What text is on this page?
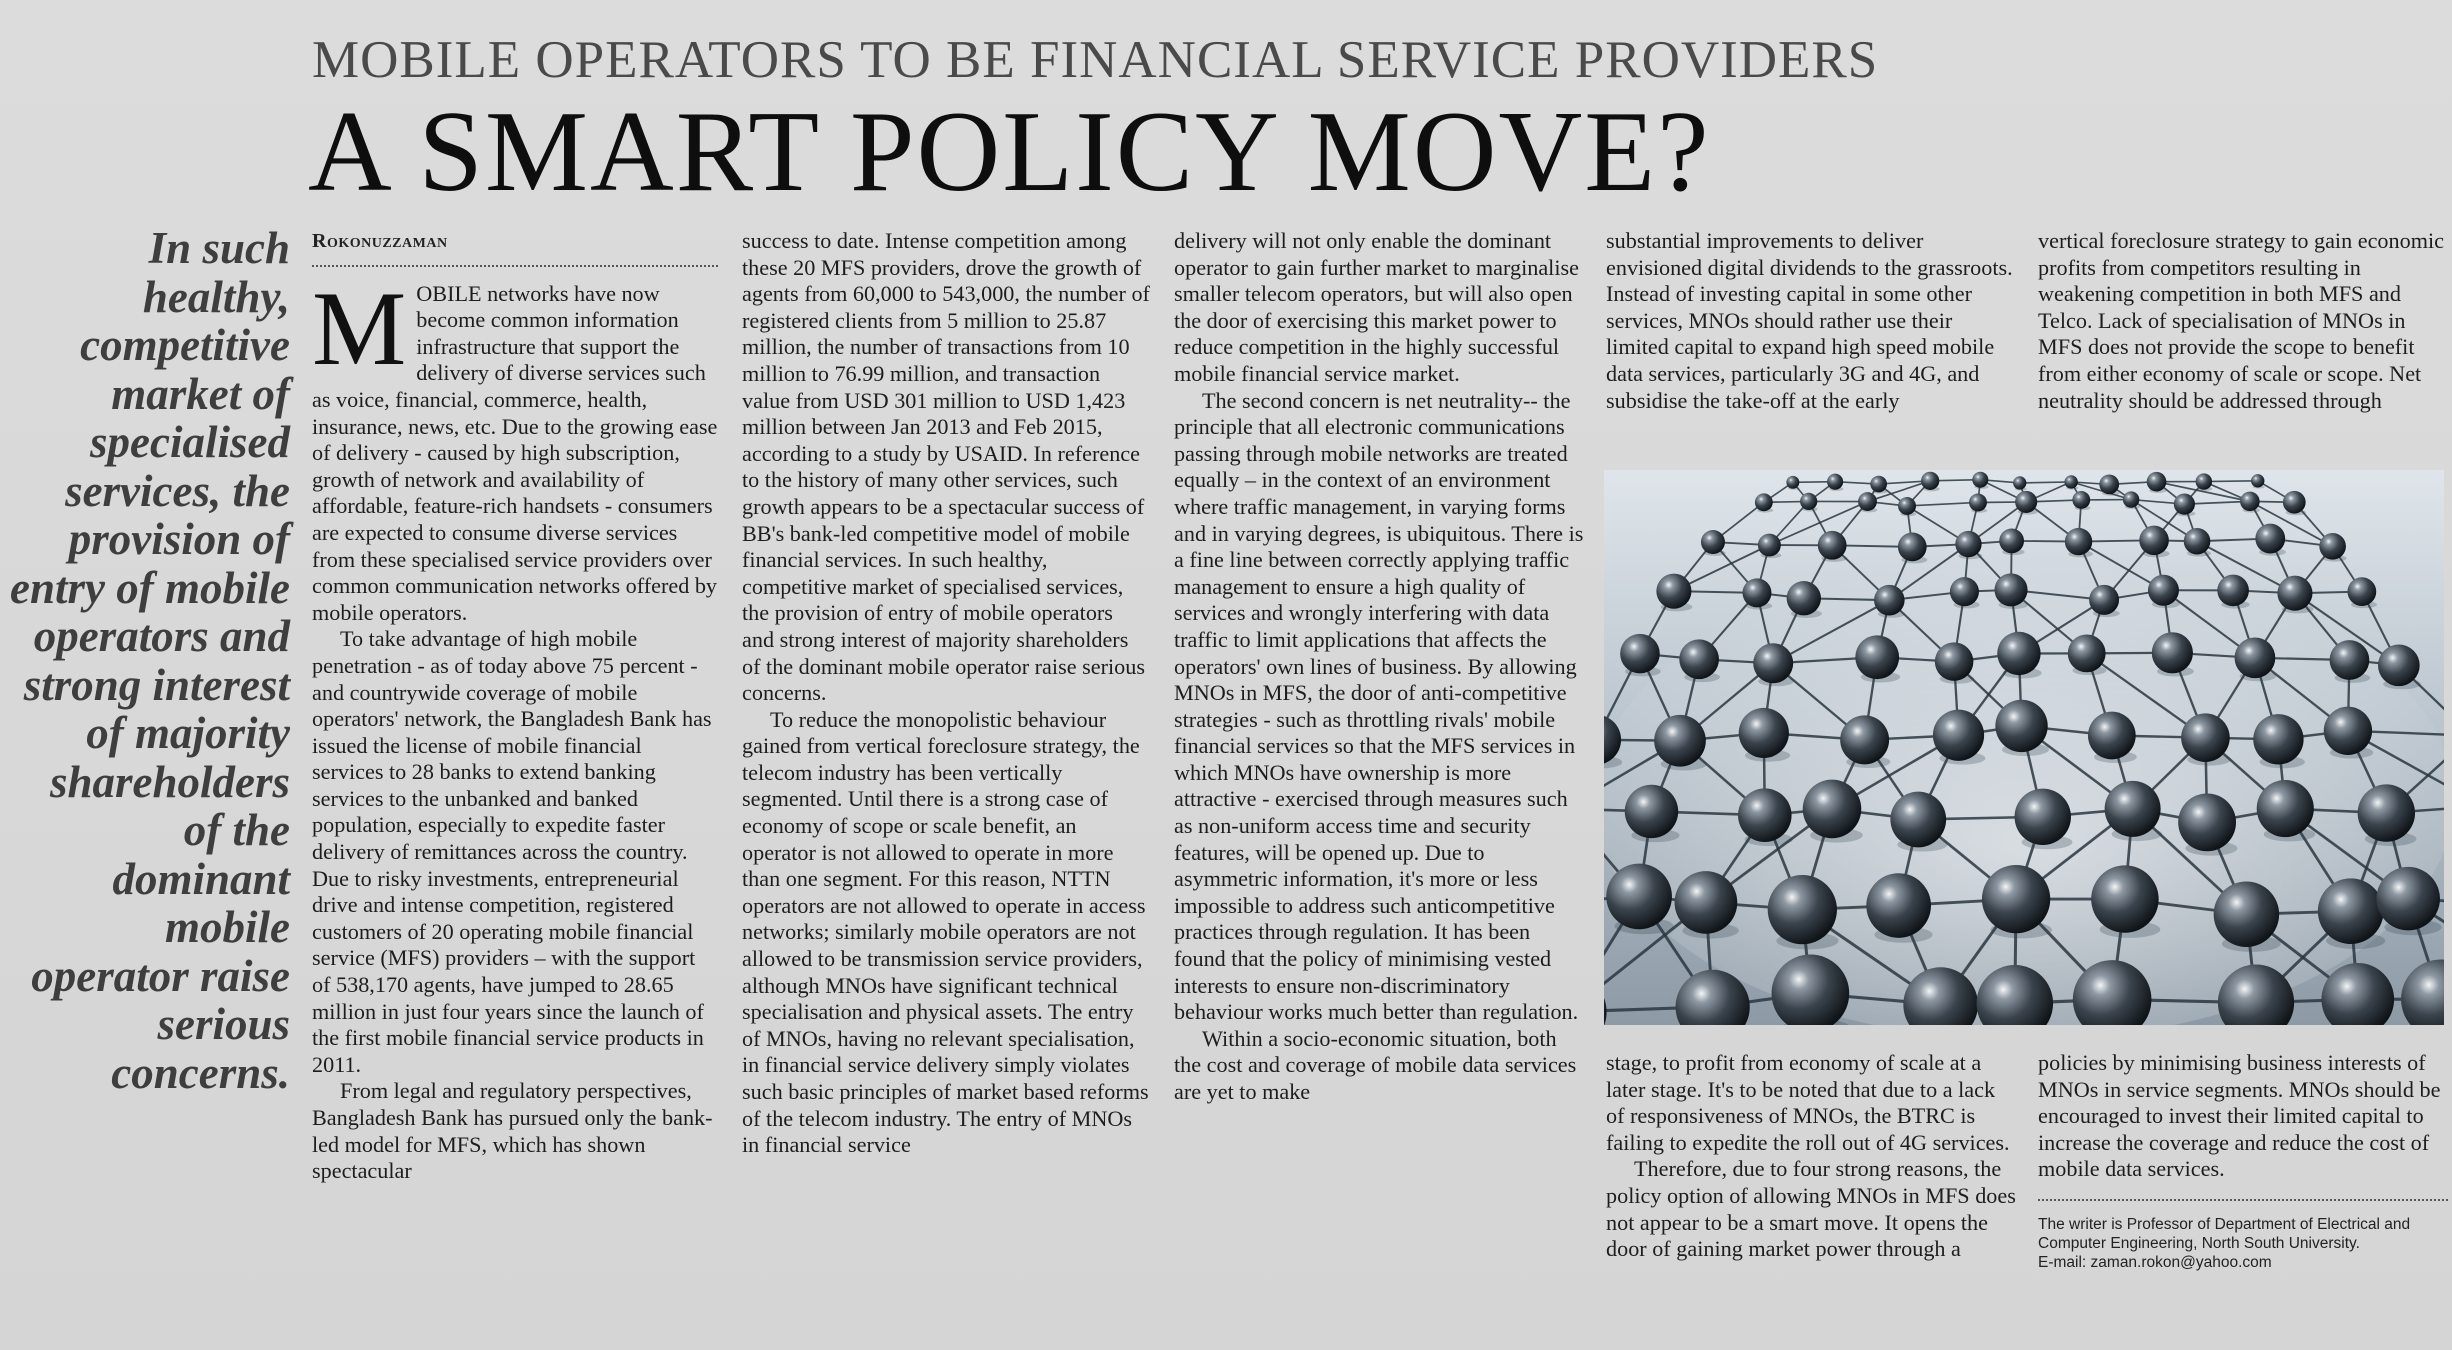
MOBILE OPERATORS TO BE FINANCIAL SERVICE PROVIDERS
A SMART POLICY MOVE?
In such healthy, competitive market of specialised services, the provision of entry of mobile operators and strong interest of majority shareholders of the dominant mobile operator raise serious concerns.
Rokonuzzaman

MOBILE networks have now become common information infrastructure that support the delivery of diverse services such as voice, financial, commerce, health, insurance, news, etc. Due to the growing ease of delivery - caused by high subscription, growth of network and availability of affordable, feature-rich handsets - consumers are expected to consume diverse services from these specialised service providers over common communication networks offered by mobile operators.

To take advantage of high mobile penetration - as of today above 75 percent - and countrywide coverage of mobile operators' network, the Bangladesh Bank has issued the license of mobile financial services to 28 banks to extend banking services to the unbanked and banked population, especially to expedite faster delivery of remittances across the country. Due to risky investments, entrepreneurial drive and intense competition, registered customers of 20 operating mobile financial service (MFS) providers – with the support of 538,170 agents, have jumped to 28.65 million in just four years since the launch of the first mobile financial service products in 2011.

From legal and regulatory perspectives, Bangladesh Bank has pursued only the bank-led model for MFS, which has shown spectacular

success to date. Intense competition among these 20 MFS providers, drove the growth of agents from 60,000 to 543,000, the number of registered clients from 5 million to 25.87 million, the number of transactions from 10 million to 76.99 million, and transaction value from USD 301 million to USD 1,423 million between Jan 2013 and Feb 2015, according to a study by USAID. In reference to the history of many other services, such growth appears to be a spectacular success of BB's bank-led competitive model of mobile financial services. In such healthy, competitive market of specialised services, the provision of entry of mobile operators and strong interest of majority shareholders of the dominant mobile operator raise serious concerns.

To reduce the monopolistic behaviour gained from vertical foreclosure strategy, the telecom industry has been vertically segmented. Until there is a strong case of economy of scope or scale benefit, an operator is not allowed to operate in more than one segment. For this reason, NTTN operators are not allowed to operate in access networks; similarly mobile operators are not allowed to be transmission service providers, although MNOs have significant technical specialisation and physical assets. The entry of MNOs, having no relevant specialisation, in financial service delivery simply violates such basic principles of market based reforms of the telecom industry. The entry of MNOs in financial service

delivery will not only enable the dominant operator to gain further market to marginalise smaller telecom operators, but will also open the door of exercising this market power to reduce competition in the highly successful mobile financial service market.

The second concern is net neutrality-- the principle that all electronic communications passing through mobile networks are treated equally – in the context of an environment where traffic management, in varying forms and in varying degrees, is ubiquitous. There is a fine line between correctly applying traffic management to ensure a high quality of services and wrongly interfering with data traffic to limit applications that affects the operators' own lines of business. By allowing MNOs in MFS, the door of anti-competitive strategies - such as throttling rivals' mobile financial services so that the MFS services in which MNOs have ownership is more attractive - exercised through measures such as non-uniform access time and security features, will be opened up. Due to asymmetric information, it's more or less impossible to address such anticompetitive practices through regulation. It has been found that the policy of minimising vested interests to ensure non-discriminatory behaviour works much better than regulation.

Within a socio-economic situation, both the cost and coverage of mobile data services are yet to make

substantial improvements to deliver envisioned digital dividends to the grassroots. Instead of investing capital in some other services, MNOs should rather use their limited capital to expand high speed mobile data services, particularly 3G and 4G, and subsidise the take-off at the early

vertical foreclosure strategy to gain economic profits from competitors resulting in weakening competition in both MFS and Telco. Lack of specialisation of MNOs in MFS does not provide the scope to benefit from either economy of scale or scope. Net neutrality should be addressed through

stage, to profit from economy of scale at a later stage. It's to be noted that due to a lack of responsiveness of MNOs, the BTRC is failing to expedite the roll out of 4G services.

Therefore, due to four strong reasons, the policy option of allowing MNOs in MFS does not appear to be a smart move. It opens the door of gaining market power through a

policies by minimising business interests of MNOs in service segments. MNOs should be encouraged to invest their limited capital to increase the coverage and reduce the cost of mobile data services.

The writer is Professor of Department of Electrical and Computer Engineering, North South University.
E-mail: zaman.rokon@yahoo.com
